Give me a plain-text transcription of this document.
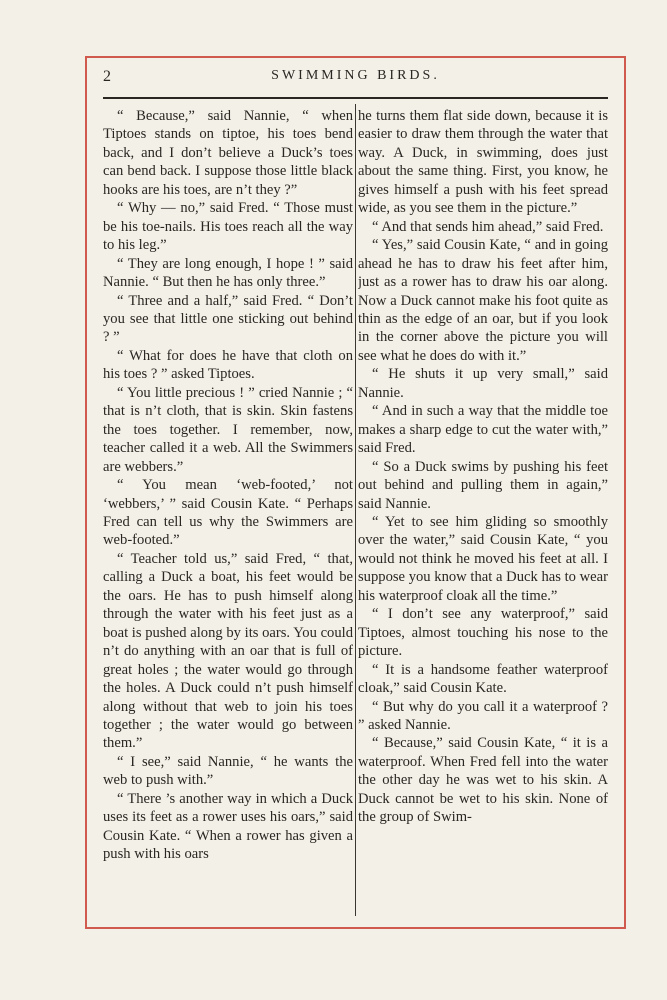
2	SWIMMING BIRDS.

“ Because,” said Nannie, “ when Tiptoes stands on tiptoe, his toes bend back, and I don’t believe a Duck’s toes can bend back. I suppose those little black hooks are his toes, are n’t they ?”

“ Why — no,” said Fred. “ Those must be his toe-nails. His toes reach all the way to his leg.”

“ They are long enough, I hope ! ” said Nannie. “ But then he has only three.”

“ Three and a half,” said Fred. “ Don’t you see that little one sticking out behind ? ”

“ What for does he have that cloth on his toes ? ” asked Tiptoes.

“ You little precious ! ” cried Nannie ; “ that is n’t cloth, that is skin. Skin fastens the toes together. I remember, now, teacher called it a web. All the Swimmers are webbers.”

“ You mean ‘web-footed,’ not ‘webbers,’ ” said Cousin Kate. “ Perhaps Fred can tell us why the Swimmers are web-footed.”

“ Teacher told us,” said Fred, “ that, calling a Duck a boat, his feet would be the oars. He has to push himself along through the water with his feet just as a boat is pushed along by its oars. You could n’t do anything with an oar that is full of great holes ; the water would go through the holes. A Duck could n’t push himself along without that web to join his toes together ; the water would go between them.”

“ I see,” said Nannie, “ he wants the web to push with.”

“ There ’s another way in which a Duck uses its feet as a rower uses his oars,” said Cousin Kate. “ When a rower has given a push with his oars

he turns them flat side down, because it is easier to draw them through the water that way. A Duck, in swimming, does just about the same thing. First, you know, he gives himself a push with his feet spread wide, as you see them in the picture.”

“ And that sends him ahead,” said Fred.

“ Yes,” said Cousin Kate, “ and in going ahead he has to draw his feet after him, just as a rower has to draw his oar along. Now a Duck cannot make his foot quite as thin as the edge of an oar, but if you look in the corner above the picture you will see what he does do with it.”

“ He shuts it up very small,” said Nannie.

“ And in such a way that the middle toe makes a sharp edge to cut the water with,” said Fred.

“ So a Duck swims by pushing his feet out behind and pulling them in again,” said Nannie.

“ Yet to see him gliding so smoothly over the water,” said Cousin Kate, “ you would not think he moved his feet at all. I suppose you know that a Duck has to wear his waterproof cloak all the time.”

“ I don’t see any waterproof,” said Tiptoes, almost touching his nose to the picture.

“ It is a handsome feather waterproof cloak,” said Cousin Kate.

“ But why do you call it a waterproof ? ” asked Nannie.

“ Because,” said Cousin Kate, “ it is a waterproof. When Fred fell into the water the other day he was wet to his skin. A Duck cannot be wet to his skin. None of the group of Swim-
